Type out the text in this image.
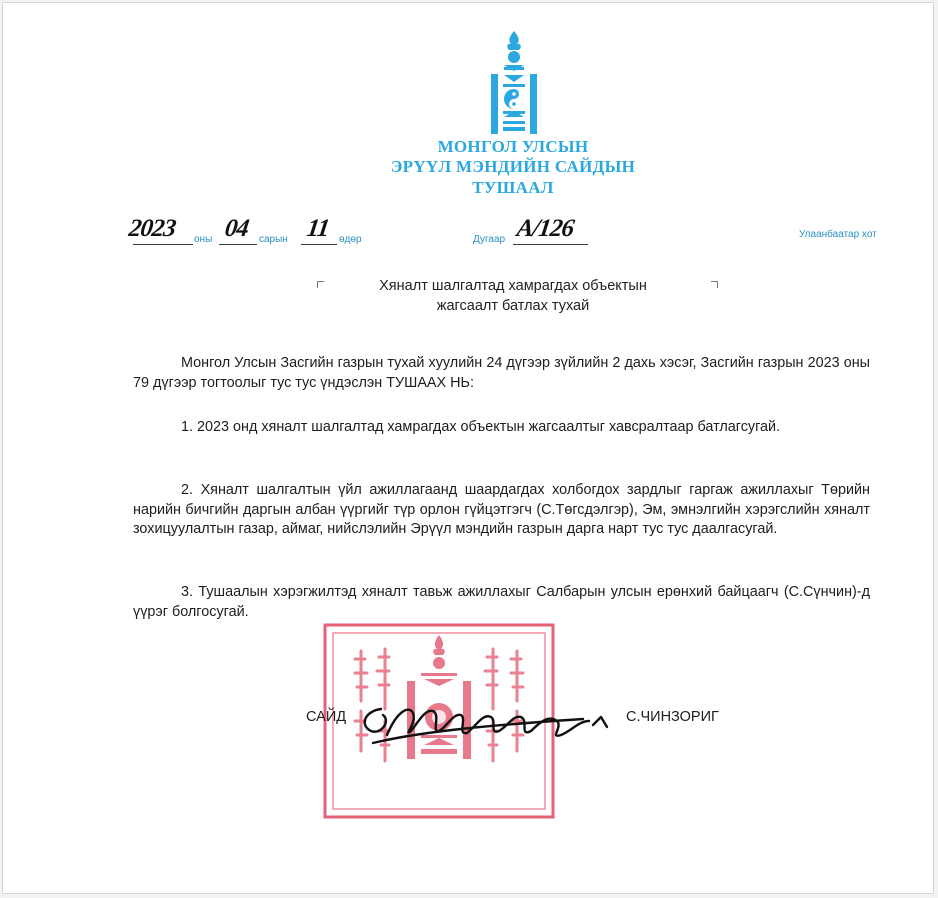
МОНГОЛ УЛСЫН
ЭРҮҮЛ МЭНДИЙН САЙДЫН
ТУШААЛ
2023 оны 04 сарын 11 өдөр	Дугаар А/126	Улаанбаатар хот
Хяналт шалгалтад хамрагдах объектын
жагсаалт батлах тухай
Монгол Улсын Засгийн газрын тухай хуулийн 24 дүгээр зүйлийн 2 дахь хэсэг, Засгийн газрын 2023 оны 79 дүгээр тогтоолыг тус тус үндэслэн ТУШААХ НЬ:
1. 2023 онд хяналт шалгалтад хамрагдах объектын жагсаалтыг хавсралтаар батлагсугай.
2. Хяналт шалгалтын үйл ажиллагаанд шаардагдах холбогдох зардлыг гаргаж ажиллахыг Төрийн нарийн бичгийн даргын албан үүргийг түр орлон гүйцэтгэгч (С.Төгсдэлгэр), Эм, эмнэлгийн хэрэгслийн хяналт зохицуулалтын газар, аймаг, нийслэлийн Эрүүл мэндийн газрын дарга нарт тус тус даалгасугай.
3. Тушаалын хэрэгжилтэд хяналт тавьж ажиллахыг Салбарын улсын ерөнхий байцаагч (С.Сүнчин)-д үүрэг болгосугай.
САЙД	С.ЧИНЗОРИГ
